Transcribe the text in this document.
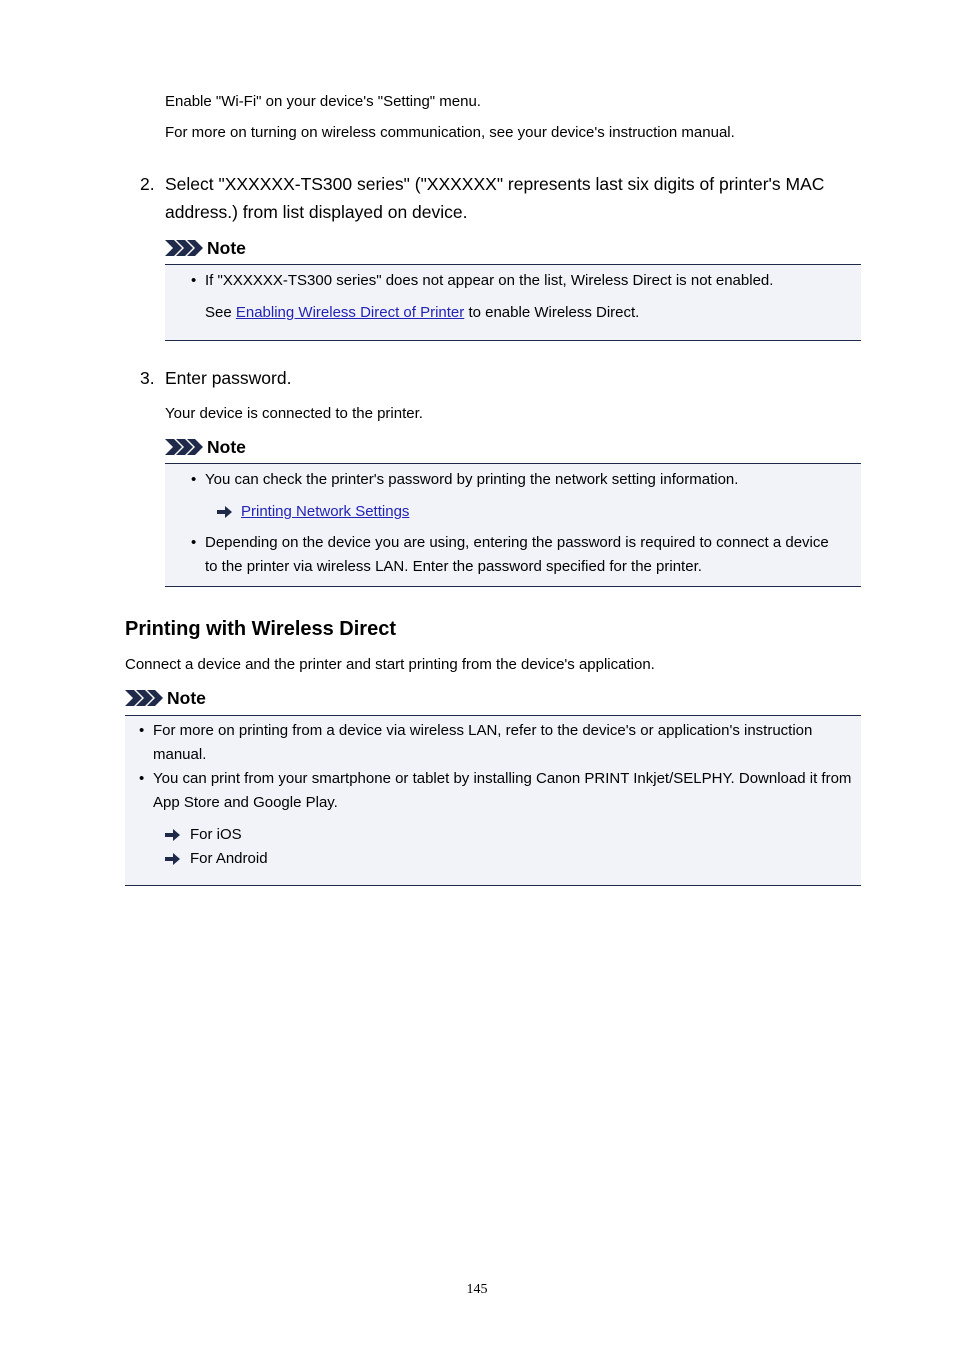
Enable "Wi-Fi" on your device's "Setting" menu.
For more on turning on wireless communication, see your device's instruction manual.
2. Select "XXXXXX-TS300 series" ("XXXXXX" represents last six digits of printer's MAC address.) from list displayed on device.
Note
• If "XXXXXX-TS300 series" does not appear on the list, Wireless Direct is not enabled.
See Enabling Wireless Direct of Printer to enable Wireless Direct.
3. Enter password.
Your device is connected to the printer.
Note
• You can check the printer's password by printing the network setting information.
Printing Network Settings
• Depending on the device you are using, entering the password is required to connect a device to the printer via wireless LAN. Enter the password specified for the printer.
Printing with Wireless Direct
Connect a device and the printer and start printing from the device's application.
Note
• For more on printing from a device via wireless LAN, refer to the device's or application's instruction manual.
• You can print from your smartphone or tablet by installing Canon PRINT Inkjet/SELPHY. Download it from App Store and Google Play.
For iOS
For Android
145
